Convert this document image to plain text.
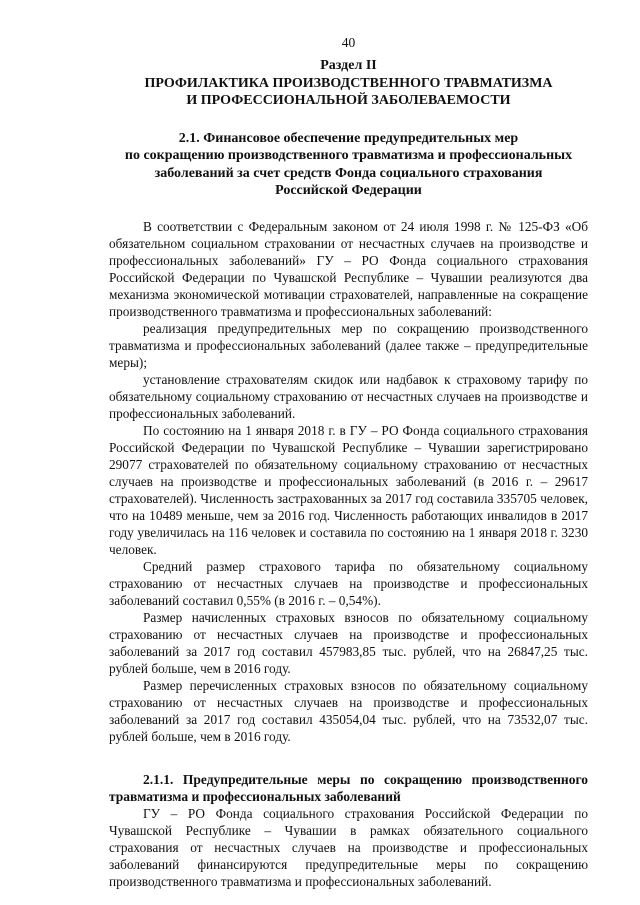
40
Раздел II
ПРОФИЛАКТИКА ПРОИЗВОДСТВЕННОГО ТРАВМАТИЗМА
И ПРОФЕССИОНАЛЬНОЙ ЗАБОЛЕВАЕМОСТИ
2.1. Финансовое обеспечение предупредительных мер
по сокращению производственного травматизма и профессиональных
заболеваний за счет средств Фонда социального страхования
Российской Федерации

В соответствии с Федеральным законом от 24 июля 1998 г. № 125-ФЗ «Об обязательном социальном страховании от несчастных случаев на производстве и профессиональных заболеваний» ГУ – РО Фонда социального страхования Российской Федерации по Чувашской Республике – Чувашии реализуются два механизма экономической мотивации страхователей, направленные на сокращение производственного травматизма и профессиональных заболеваний:

реализация предупредительных мер по сокращению производственного травматизма и профессиональных заболеваний (далее также – предупредительные меры);

установление страхователям скидок или надбавок к страховому тарифу по обязательному социальному страхованию от несчастных случаев на производстве и профессиональных заболеваний.

По состоянию на 1 января 2018 г. в ГУ – РО Фонда социального страхования Российской Федерации по Чувашской Республике – Чувашии зарегистрировано 29077 страхователей по обязательному социальному страхованию от несчастных случаев на производстве и профессиональных заболеваний (в 2016 г. – 29617 страхователей). Численность застрахованных за 2017 год составила 335705 человек, что на 10489 меньше, чем за 2016 год. Численность работающих инвалидов в 2017 году увеличилась на 116 человек и составила по состоянию на 1 января 2018 г. 3230 человек.

Средний размер страхового тарифа по обязательному социальному страхованию от несчастных случаев на производстве и профессиональных заболеваний составил 0,55% (в 2016 г. – 0,54%).

Размер начисленных страховых взносов по обязательному социальному страхованию от несчастных случаев на производстве и профессиональных заболеваний за 2017 год составил 457983,85 тыс. рублей, что на 26847,25 тыс. рублей больше, чем в 2016 году.

Размер перечисленных страховых взносов по обязательному социальному страхованию от несчастных случаев на производстве и профессиональных заболеваний за 2017 год составил 435054,04 тыс. рублей, что на 73532,07 тыс. рублей больше, чем в 2016 году.

2.1.1. Предупредительные меры по сокращению производственного травматизма и профессиональных заболеваний

ГУ – РО Фонда социального страхования Российской Федерации по Чувашской Республике – Чувашии в рамках обязательного социального страхования от несчастных случаев на производстве и профессиональных заболеваний финансируются предупредительные меры по сокращению производственного травматизма и профессиональных заболеваний.
